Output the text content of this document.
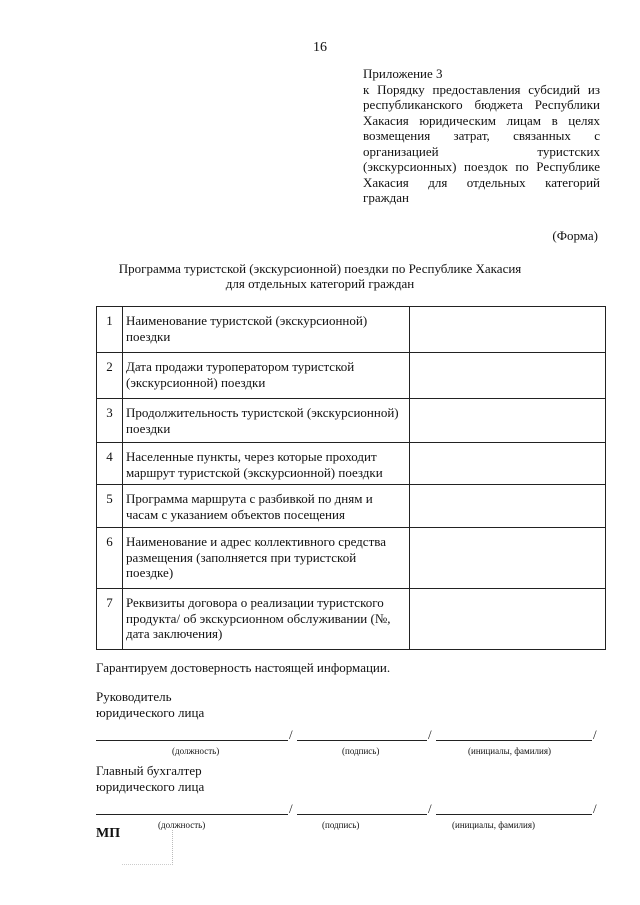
16
Приложение 3
к Порядку предоставления субсидий из республиканского бюджета Республики Хакасия юридическим лицам в целях возмещения затрат, связанных с организацией туристских (экскурсионных) поездок по Республике Хакасия для отдельных категорий граждан
(Форма)
Программа туристской (экскурсионной) поездки по Республике Хакасия
для отдельных категорий граждан
1	Наименование туристской (экскурсионной) поездки	
2	Дата продажи туроператором туристской (экскурсионной) поездки	
3	Продолжительность туристской (экскурсионной) поездки	
4	Населенные пункты, через которые проходит маршрут туристской (экскурсионной) поездки	
5	Программа маршрута с разбивкой по дням и часам с указанием объектов посещения	
6	Наименование и адрес коллективного средства размещения (заполняется при туристской поездке)	
7	Реквизиты договора о реализации туристского продукта/ об экскурсионном обслуживании (№, дата заключения)	
Гарантируем достоверность настоящей информации.
Руководитель
юридического лица
/	/	/
(должность)	(подпись)	(инициалы, фамилия)
Главный бухгалтер
юридического лица
/	/	/
(должность)	(подпись)	(инициалы, фамилия)
МП
